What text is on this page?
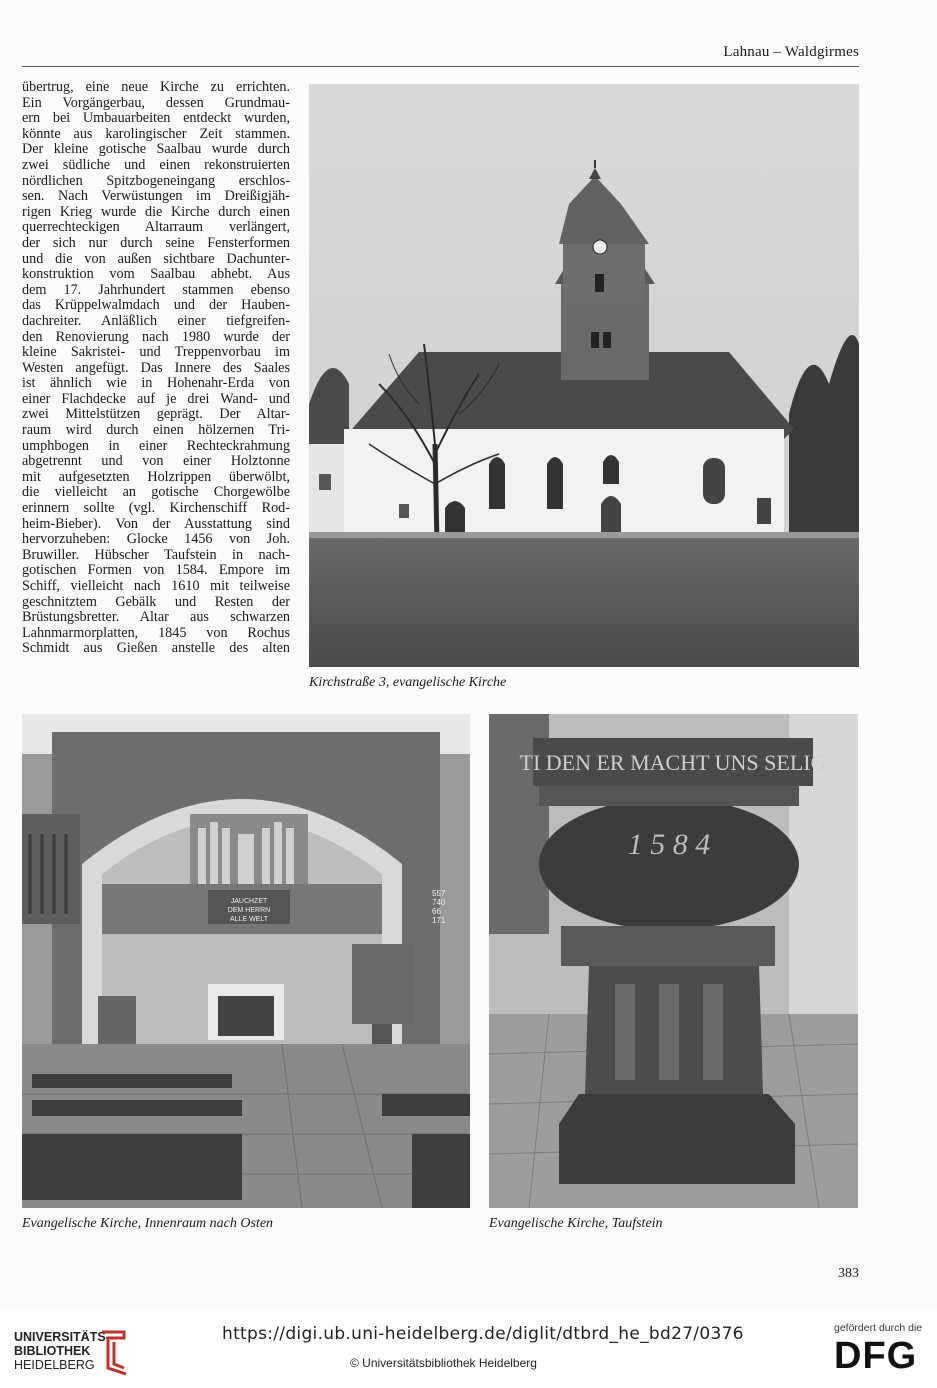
Lahnau – Waldgirmes

übertrug, eine neue Kirche zu errichten.

Ein Vorgängerbau, dessen Grundmau-

ern bei Umbauarbeiten entdeckt wurden,

könnte aus karolingischer Zeit stammen.

Der kleine gotische Saalbau wurde durch

zwei südliche und einen rekonstruierten

nördlichen Spitzbogeneingang erschlos-

sen. Nach Verwüstungen im Dreißigjäh-

rigen Krieg wurde die Kirche durch einen

querrechteckigen Altarraum verlängert,

der sich nur durch seine Fensterformen

und die von außen sichtbare Dachunter-

konstruktion vom Saalbau abhebt. Aus

dem 17. Jahrhundert stammen ebenso

das Krüppelwalmdach und der Hauben-

dachreiter. Anläßlich einer tiefgreifen-

den Renovierung nach 1980 wurde der

kleine Sakristei- und Treppenvorbau im

Westen angefügt. Das Innere des Saales

ist ähnlich wie in Hohenahr-Erda von

einer Flachdecke auf je drei Wand- und

zwei Mittelstützen geprägt. Der Altar-

raum wird durch einen hölzernen Tri-

umphbogen in einer Rechteckrahmung

abgetrennt und von einer Holztonne

mit aufgesetzten Holzrippen überwölbt,

die vielleicht an gotische Chorgewölbe

erinnern sollte (vgl. Kirchenschiff Rod-

heim-Bieber). Von der Ausstattung sind

hervorzuheben: Glocke 1456 von Joh.

Bruwiller. Hübscher Taufstein in nach-

gotischen Formen von 1584. Empore im

Schiff, vielleicht nach 1610 mit teilweise

geschnitztem Gebälk und Resten der

Brüstungsbretter. Altar aus schwarzen

Lahnmarmorplatten, 1845 von Rochus

Schmidt aus Gießen anstelle des alten

Kirchstraße 3, evangelische Kirche
JAUCHZET
DEM HERRN
ALLE WELT
557
740
66
171
Evangelische Kirche, Innenraum nach Osten
TI DEN ER MACHT UNS SELIG
1 5 8 4
Evangelische Kirche, Taufstein
383
UNIVERSITÄTS-
BIBLIOTHEK
HEIDELBERG
https://digi.ub.uni-heidelberg.de/diglit/dtbrd_he_bd27/0376
© Universitätsbibliothek Heidelberg
gefördert durch die
DFG
